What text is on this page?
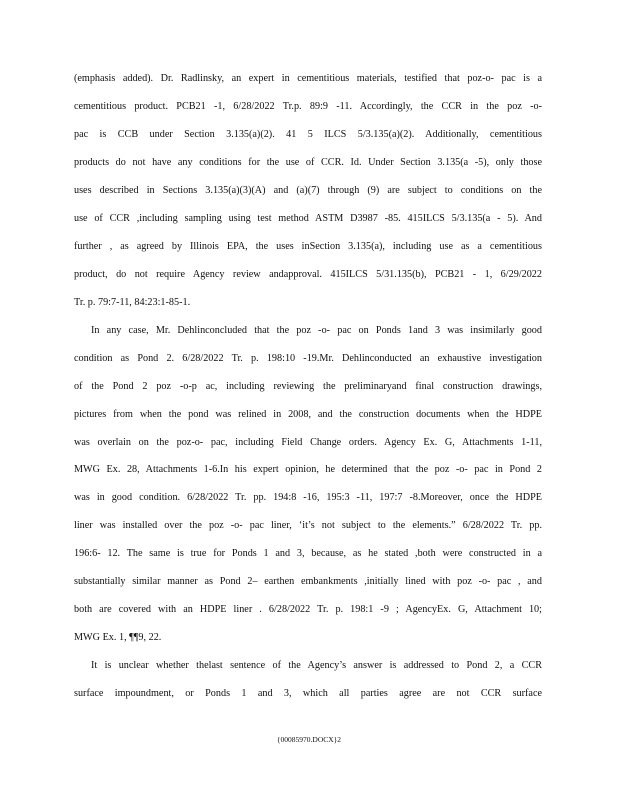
(emphasis added). Dr. Radlinsky, an expert in cementitious materials, testified that poz-o- pac is a
cementitious product. PCB21 -1, 6/28/2022 Tr.p. 89:9 -11. Accordingly, the CCR in the poz -o-
pac is CCB under Section 3.135(a)(2). 41 5 ILCS 5/3.135(a)(2). Additionally, cementitious
products do not have any conditions for the use of CCR. Id. Under Section 3.135(a -5), only those
uses described in Sections 3.135(a)(3)(A) and (a)(7) through (9) are subject to conditions on the
use of CCR ,including sampling using test method ASTM D3987 -85. 415ILCS 5/3.135(a - 5). And
further , as agreed by Illinois EPA, the uses inSection 3.135(a), including use as a cementitious
product, do not require Agency review andapproval. 415ILCS 5/31.135(b), PCB21 - 1, 6/29/2022
Tr. p. 79:7-11, 84:23:1-85-1.
In any case, Mr. Dehlinconcluded that the poz -o- pac on Ponds 1and 3 was insimilarly good
condition as Pond 2. 6/28/2022 Tr. p. 198:10 -19.Mr. Dehlinconducted an exhaustive investigation
of the Pond 2 poz -o-p ac, including reviewing the preliminaryand final construction drawings,
pictures from when the pond was relined in 2008, and the construction documents when the HDPE
was overlain on the poz-o- pac, including Field Change orders. Agency Ex. G, Attachments 1-11,
MWG Ex. 28, Attachments 1-6.In his expert opinion, he determined that the poz -o- pac in Pond 2
was in good condition. 6/28/2022 Tr. pp. 194:8 -16, 195:3 -11, 197:7 -8.Moreover, once the HDPE
liner was installed over the poz -o- pac liner, ‘it’s not subject to the elements.” 6/28/2022 Tr. pp.
196:6- 12. The same is true for Ponds 1 and 3, because, as he stated ,both were constructed in a
substantially similar manner as Pond 2– earthen embankments ,initially lined with poz -o- pac , and
both are covered with an HDPE liner . 6/28/2022 Tr. p. 198:1 -9 ; AgencyEx. G, Attachment 10;
MWG Ex. 1, ¶¶9, 22.
It is unclear whether thelast sentence of the Agency’s answer is addressed to Pond 2, a CCR
surface impoundment, or Ponds 1 and 3, which all parties agree are not CCR surface
{00085970.DOCX}2
